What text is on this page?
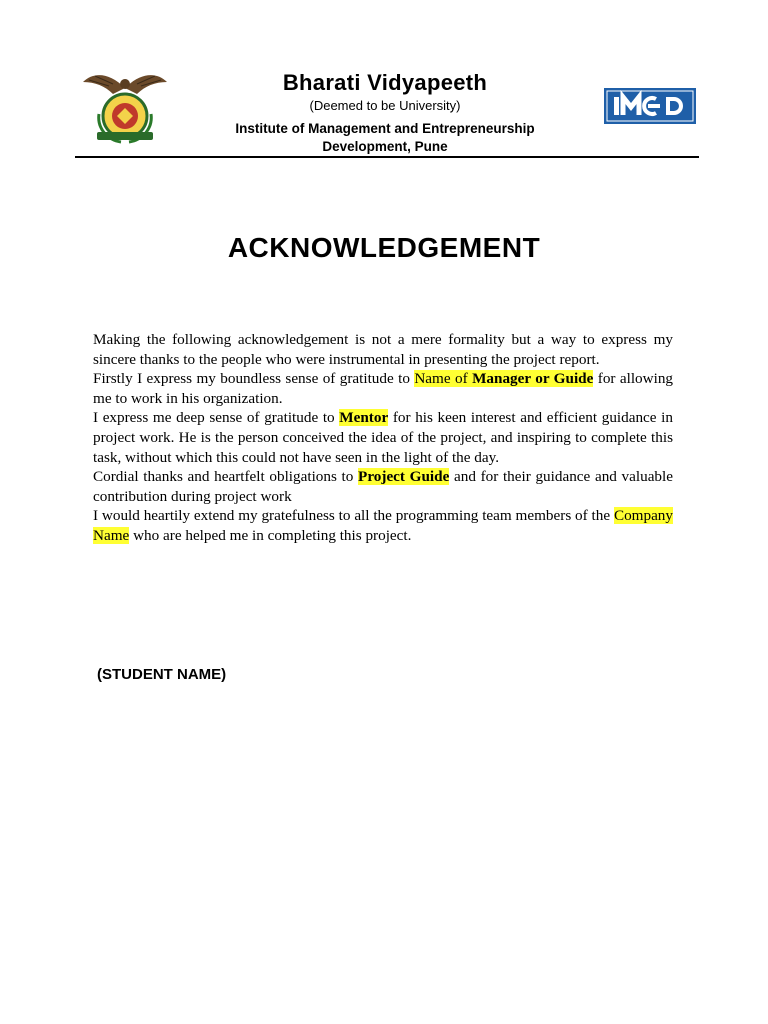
Bharati Vidyapeeth
(Deemed to be University)
Institute of Management and Entrepreneurship
Development, Pune
ACKNOWLEDGEMENT

Making the following acknowledgement is not a mere formality but a way to express my sincere thanks to the people who were instrumental in presenting the project report.

Firstly I express my boundless sense of gratitude to Name of Manager or Guide for allowing me to work in his organization.

I express me deep sense of gratitude to Mentor for his keen interest and efficient guidance in project work. He is the person conceived the idea of the project, and inspiring to complete this task, without which this could not have seen in the light of the day.

Cordial thanks and heartfelt obligations to Project Guide and for their guidance and valuable contribution during project work

I would heartily extend my gratefulness to all the programming team members of the Company Name who are helped me in completing this project.

(STUDENT NAME)
